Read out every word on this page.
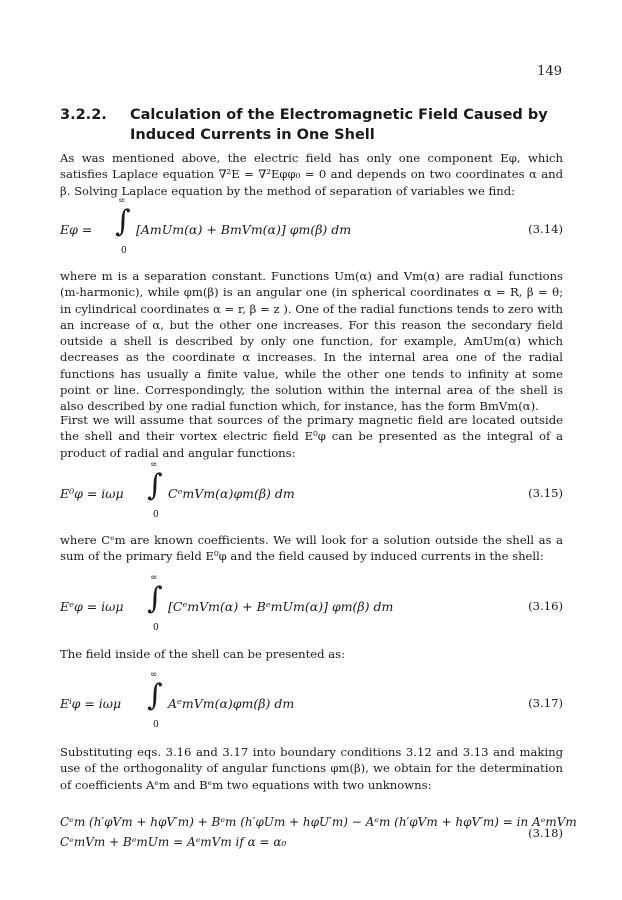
149
3.2.2.	Calculation of the Electromagnetic Field Caused by Induced Currents in One Shell
As was mentioned above, the electric field has only one component Eφ, which satisfies Laplace equation ∇²E = ∇²Eφφ₀ = 0 and depends on two coordinates α and β. Solving Laplace equation by the method of separation of variables we find:
Eφ =
∞
∫
0
[AmUm(α) + BmVm(α)] φm(β) dm	(3.14)
where m is a separation constant. Functions Um(α) and Vm(α) are radial functions (m-harmonic), while φm(β) is an angular one (in spherical coordinates α = R, β = θ; in cylindrical coordinates α = r, β = z ). One of the radial functions tends to zero with an increase of α, but the other one increases. For this reason the secondary field outside a shell is described by only one function, for example, AmUm(α) which decreases as the coordinate α increases. In the internal area one of the radial functions has usually a finite value, while the other one tends to infinity at some point or line. Correspondingly, the solution within the internal area of the shell is also described by one radial function which, for instance, has the form BmVm(α).
First we will assume that sources of the primary magnetic field are located outside the shell and their vortex electric field E⁰φ can be presented as the integral of a product of radial and angular functions:
E⁰φ = iωμ
∞
∫
0
CᵉmVm(α)φm(β) dm	(3.15)
where Cᵉm are known coefficients. We will look for a solution outside the shell as a sum of the primary field E⁰φ and the field caused by induced currents in the shell:
Eᵉφ = iωμ
∞
∫
0
[CᵉmVm(α) + BᵉmUm(α)] φm(β) dm	(3.16)
The field inside of the shell can be presented as:
Eⁱφ = iωμ
∞
∫
0
AᵉmVm(α)φm(β) dm	(3.17)
Substituting eqs. 3.16 and 3.17 into boundary conditions 3.12 and 3.13 and making use of the orthogonality of angular functions φm(β), we obtain for the determination of coefficients Aᵉm and Bᵉm two equations with two unknowns:
Cᵉm (h′φVm + hφV′m) + Bᵉm (h′φUm + hφU′m) − Aᵉm (h′φVm + hφV′m) = in AᵉmVm
CᵉmVm + BᵉmUm = AᵉmVm if α = α₀
(3.18)
